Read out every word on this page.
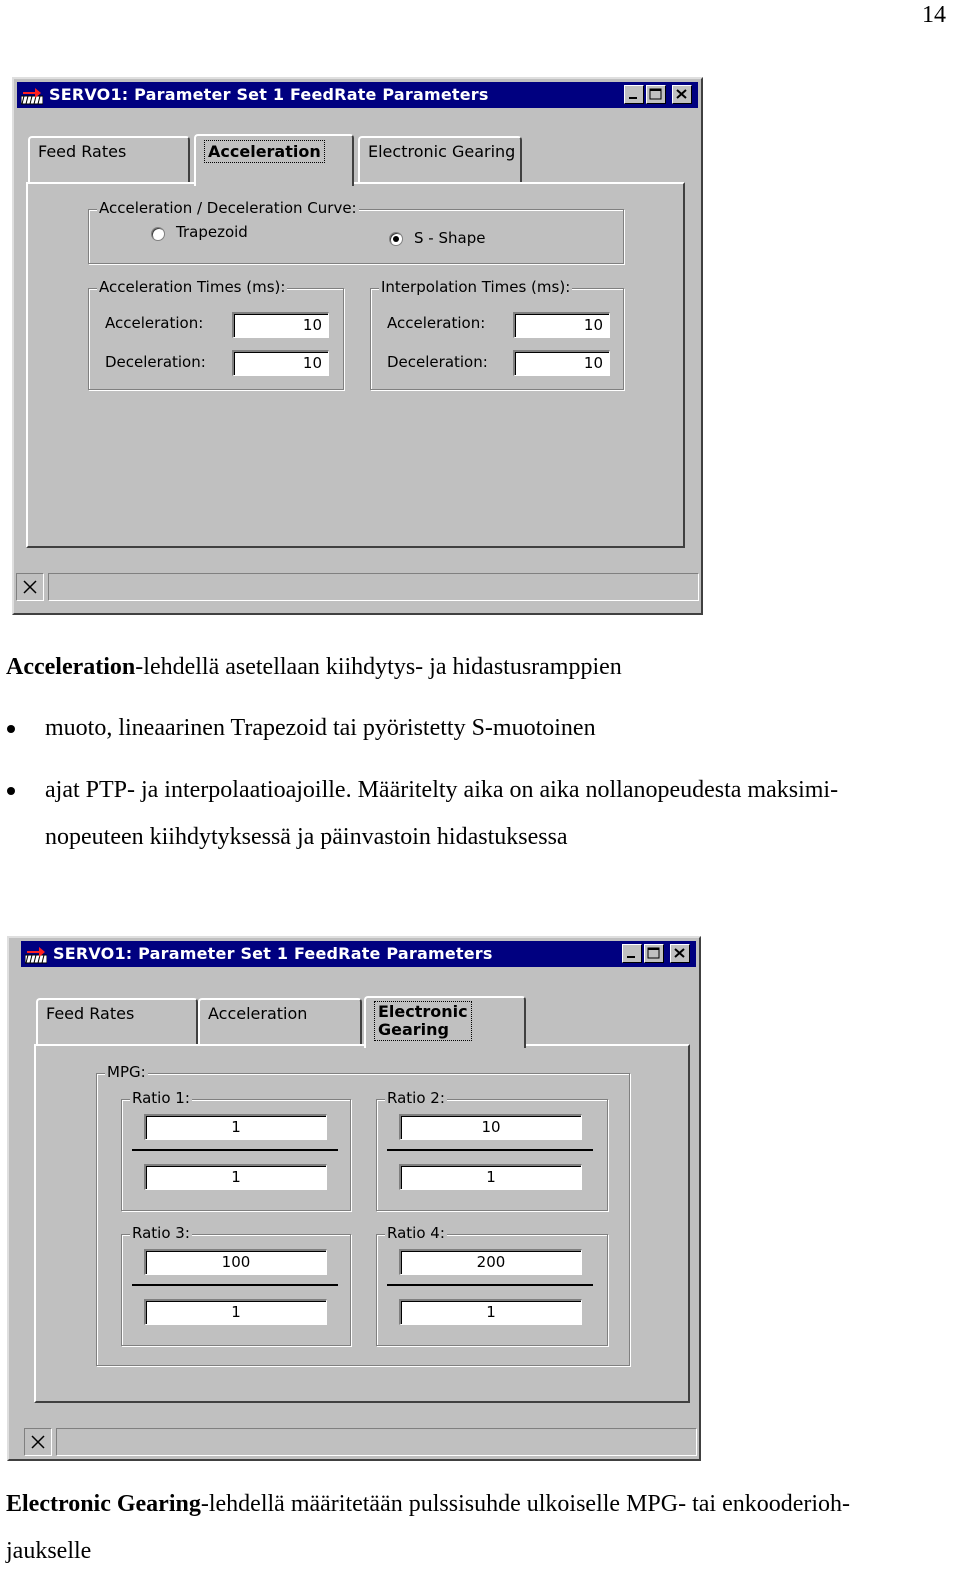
14
SERVO1: Parameter Set 1 FeedRate Parameters
Feed Rates	Acceleration	Electronic Gearing
Acceleration / Deceleration Curve:
Trapezoid	S - Shape
Acceleration Times (ms):
Acceleration:	10
Deceleration:	10
Interpolation Times (ms):
Acceleration:	10
Deceleration:	10
Acceleration-lehdellä asetellaan kiihdytys- ja hidastusramppien
muoto, lineaarinen Trapezoid tai pyöristetty S-muotoinen
ajat PTP- ja interpolaatioajoille. Määritelty aika on aika nollanopeudesta maksimi-
nopeuteen kiihdytyksessä ja päinvastoin hidastuksessa
SERVO1: Parameter Set 1 FeedRate Parameters
Feed Rates	Acceleration	Electronic
Gearing
MPG:
Ratio 1:
1
1
Ratio 2:
10
1
Ratio 3:
100
1
Ratio 4:
200
1
Electronic Gearing-lehdellä määritetään pulssisuhde ulkoiselle MPG- tai enkooderioh-
jaukselle
